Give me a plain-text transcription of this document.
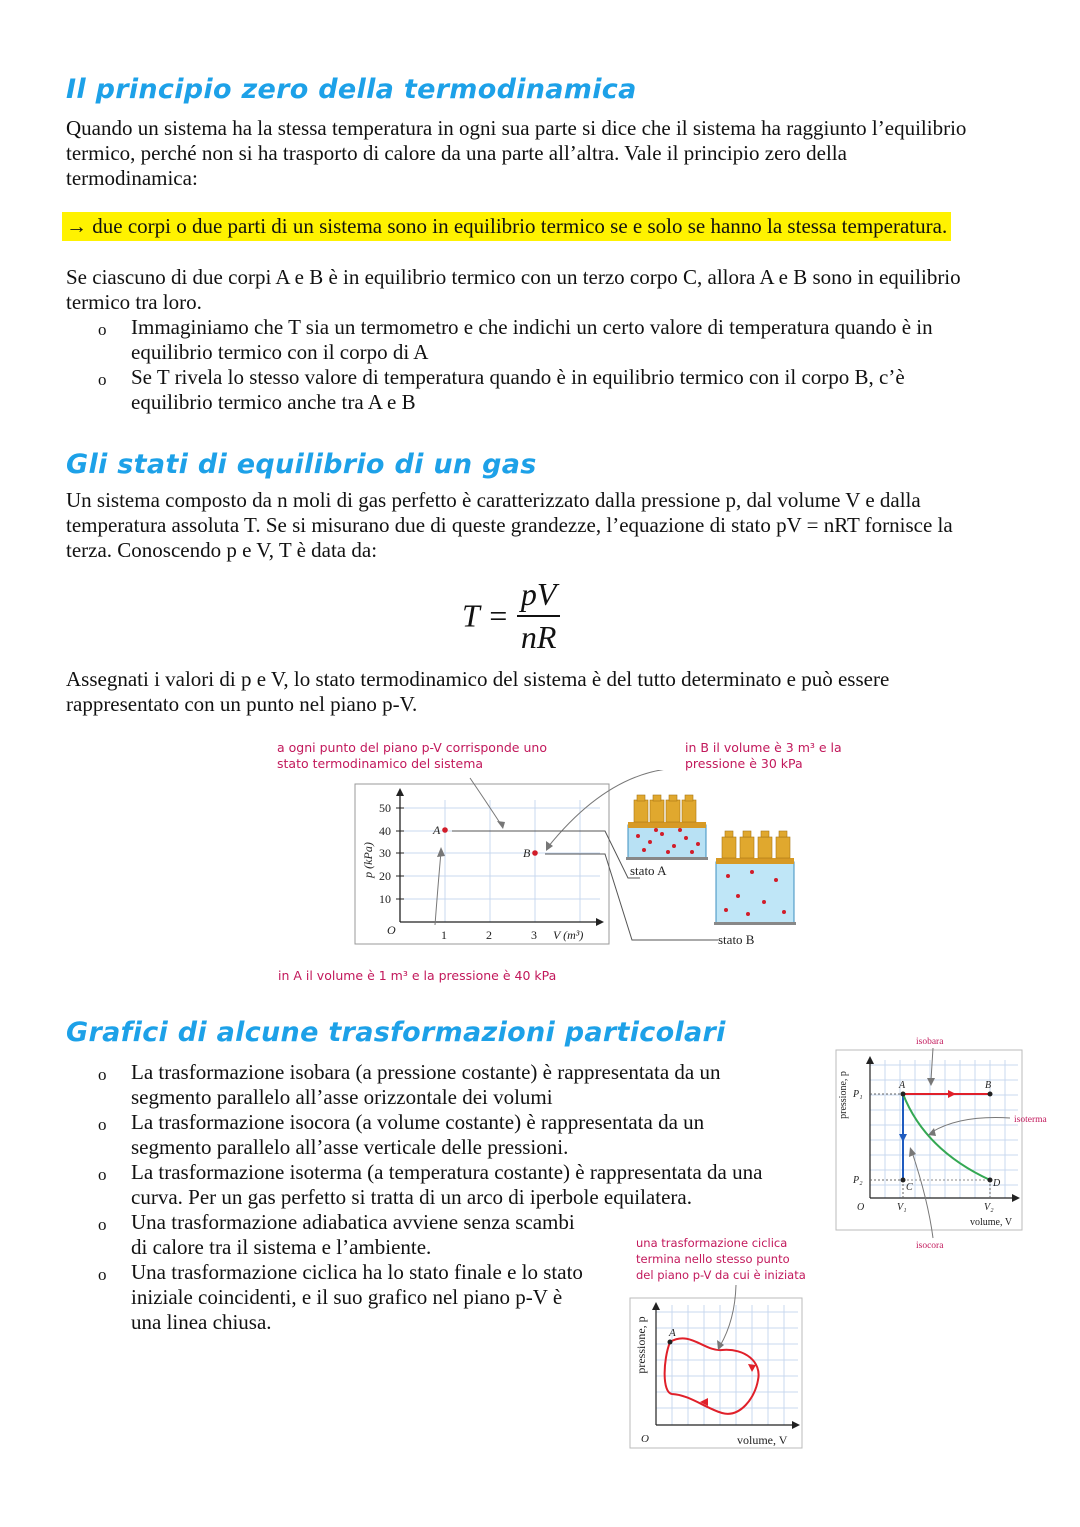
Il principio zero della termodinamica
Quando un sistema ha la stessa temperatura in ogni sua parte si dice che il sistema ha raggiunto l’equilibrio
termico, perché non si ha trasporto di calore da una parte all’altra. Vale il principio zero della
termodinamica:
→ due corpi o due parti di un sistema sono in equilibrio termico se e solo se hanno la stessa temperatura.
Se ciascuno di due corpi A e B è in equilibrio termico con un terzo corpo C, allora A e B sono in equilibrio
termico tra loro.
o Immaginiamo che T sia un termometro e che indichi un certo valore di temperatura quando è in
equilibrio termico con il corpo di A
o Se T rivela lo stesso valore di temperatura quando è in equilibrio termico con il corpo B, c’è
equilibrio termico anche tra A e B
Gli stati di equilibrio di un gas
Un sistema composto da n moli di gas perfetto è caratterizzato dalla pressione p, dal volume V e dalla
temperatura assoluta T. Se si misurano due di queste grandezze, l’equazione di stato pV = nRT fornisce la
terza. Conoscendo p e V, T è data da:
$T = \frac{pV}{nR}$
Assegnati i valori di p e V, lo stato termodinamico del sistema è del tutto determinato e può essere
rappresentato con un punto nel piano p-V.
a ogni punto del piano p-V corrisponde uno
stato termodinamico del sistema
in B il volume è 3 m³ e la
pressione è 30 kPa
in A il volume è 1 m³ e la pressione è 40 kPa
50
40
30
20
10
O	1	2	3 V (m³)
p (kPa)
A
B
stato A
stato B
Grafici di alcune trasformazioni particolari
o La trasformazione isobara (a pressione costante) è rappresentata da un
segmento parallelo all’asse orizzontale dei volumi
o La trasformazione isocora (a volume costante) è rappresentata da un
segmento parallelo all’asse verticale delle pressioni.
o La trasformazione isoterma (a temperatura costante) è rappresentata da una
curva. Per un gas perfetto si tratta di un arco di iperbole equilatera.
o Una trasformazione adiabatica avviene senza scambi
di calore tra il sistema e l’ambiente.
o Una trasformazione ciclica ha lo stato finale e lo stato
iniziale coincidenti, e il suo grafico nel piano p-V è
una linea chiusa.
isobara
isoterma
isocora
P₁
P₂
O	V₁	V₂
A	B
C	D
volume, V
pressione, p
una trasformazione ciclica
termina nello stesso punto
del piano p-V da cui è iniziata
A
O	volume, V
pressione, p
